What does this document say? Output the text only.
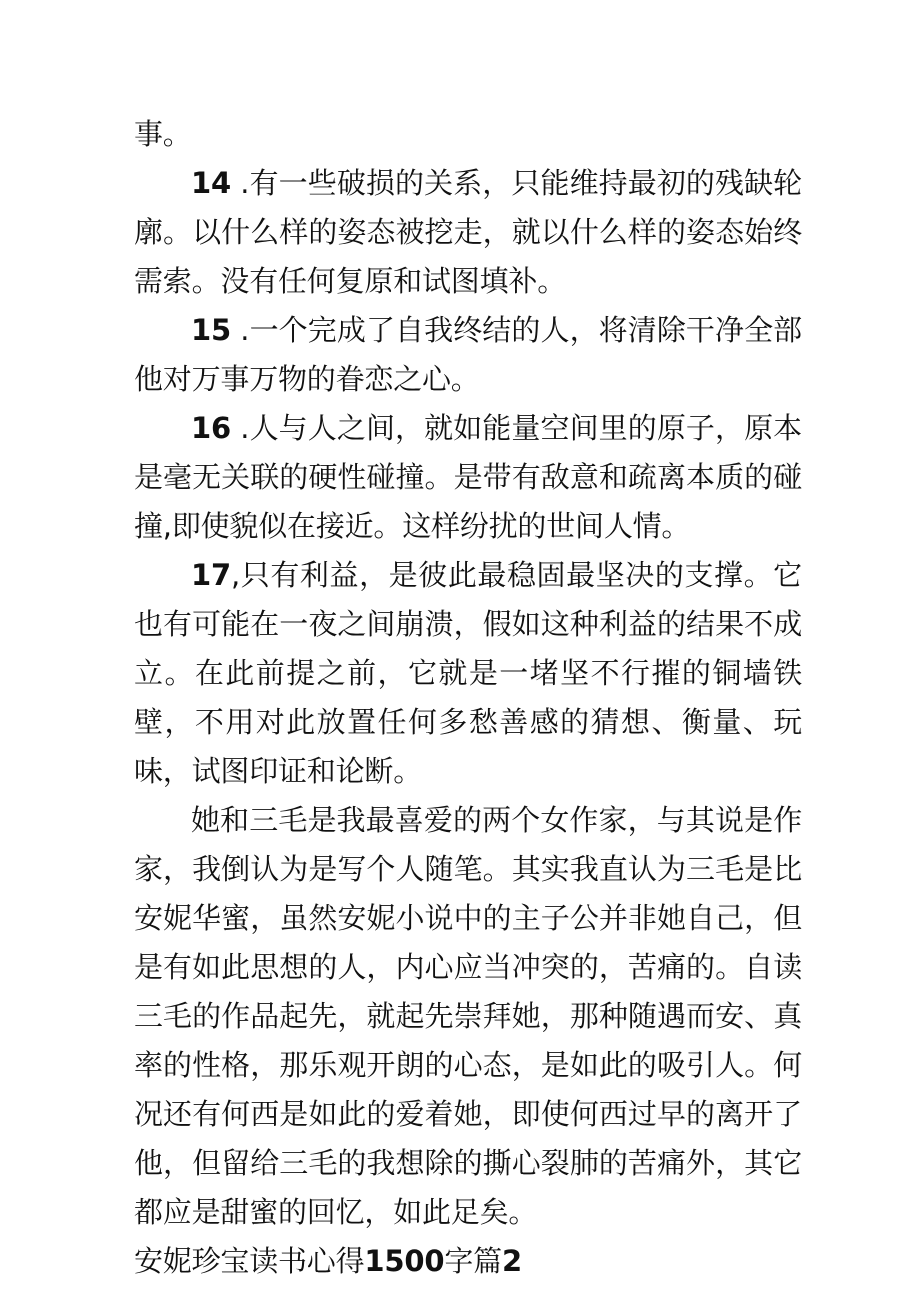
事。

14 .有一些破损的关系，只能维持最初的残缺轮廓。以什么样的姿态被挖走，就以什么样的姿态始终需索。没有任何复原和试图填补。

15 .一个完成了自我终结的人，将清除干净全部他对万事万物的眷恋之心。

16 .人与人之间，就如能量空间里的原子，原本是毫无关联的硬性碰撞。是带有敌意和疏离本质的碰撞,即使貌似在接近。这样纷扰的世间人情。

17,只有利益，是彼此最稳固最坚决的支撑。它也有可能在一夜之间崩溃，假如这种利益的结果不成立。在此前提之前，它就是一堵坚不行摧的铜墙铁壁，不用对此放置任何多愁善感的猜想、衡量、玩味，试图印证和论断。

她和三毛是我最喜爱的两个女作家，与其说是作家，我倒认为是写个人随笔。其实我直认为三毛是比安妮华蜜，虽然安妮小说中的主子公并非她自己，但是有如此思想的人，内心应当冲突的，苦痛的。自读三毛的作品起先，就起先崇拜她，那种随遇而安、真率的性格，那乐观开朗的心态，是如此的吸引人。何况还有何西是如此的爱着她，即使何西过早的离开了他，但留给三毛的我想除的撕心裂肺的苦痛外，其它都应是甜蜜的回忆，如此足矣。

安妮珍宝读书心得1500字篇2
